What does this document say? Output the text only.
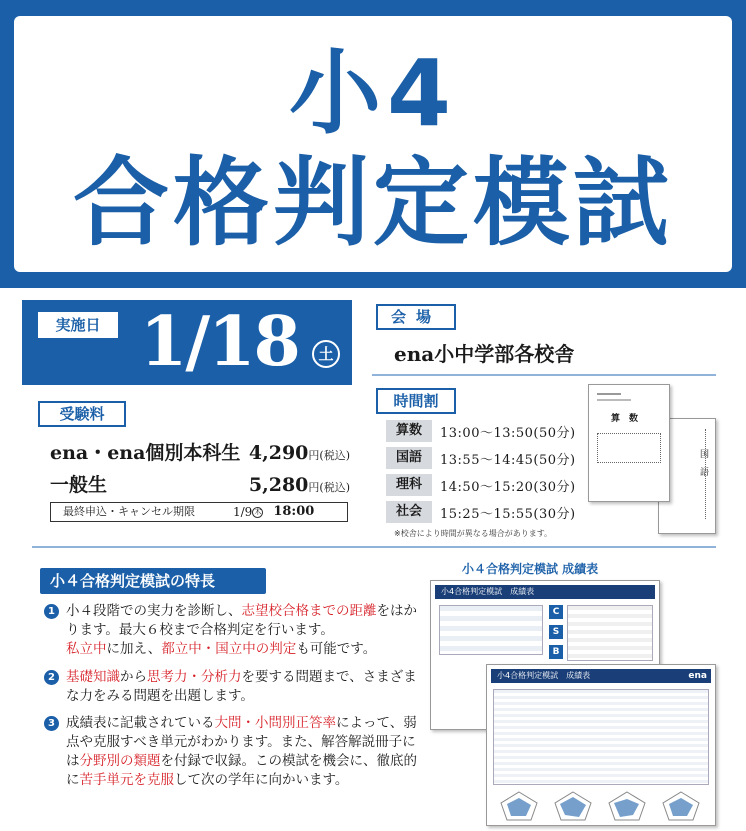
小4
合格判定模試
実施日 1/18	土
受験料
ena・ena個別本科生 4,290円(税込)
一般生	5,280円(税込)
最終申込・キャンセル期限	1/9 木 18:00
会場
ena小中学部各校舎
時間割
算数	13:00〜13:50(50分)
国語	13:55〜14:45(50分)
理科	14:50〜15:20(30分)
社会	15:25〜15:55(30分)
※校舎により時間が異なる場合があります。
国　語
算　数
小４合格判定模試の特長
1 小４段階での実力を診断し、志望校合格までの距離をはかります。最大６校まで合格判定を行います。
私立中に加え、都立中・国立中の判定も可能です。
2 基礎知識から思考力・分析力を要する問題まで、さまざまな力をみる問題を出題します。
3 成績表に記載されている大問・小問別正答率によって、弱点や克服すべき単元がわかります。また、解答解説冊子には分野別の類題を付録で収録。この模試を機会に、徹底的に苦手単元を克服して次の学年に向かいます。
小４合格判定模試 成績表
小4合格判定模試　 成績表
C
S
B
小4合格判定模試　 成績表	ena
